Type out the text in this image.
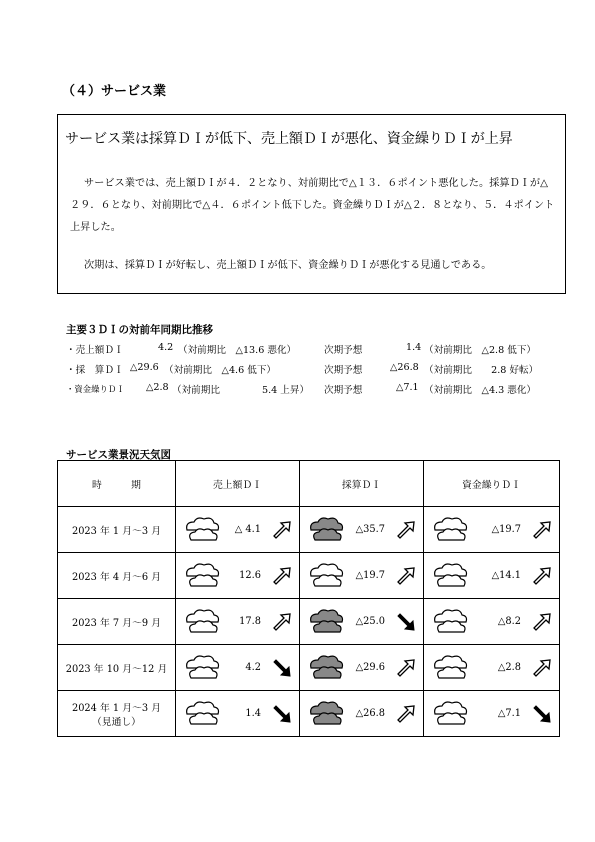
（４）サービス業
サービス業は採算ＤＩが低下、売上額ＤＩが悪化、資金繰りＤＩが上昇
サービス業では、売上額ＤＩが４．２となり、対前期比で△１３．６ポイント悪化した。採算ＤＩが△２９．６となり、対前期比で△４．６ポイント低下した。資金繰りＤＩが△２．８となり、５．４ポイント上昇した。
次期は、採算ＤＩが好転し、売上額ＤＩが低下、資金繰りＤＩが悪化する見通しである。
主要３ＤＩの対前年同期比推移
・売上額ＤＩ	4.2 （対前期比　△13.6 悪化）	次期予想	1.4 （対前期比　△2.8 低下）
・採　算ＤＩ △29.6 （対前期比　△4.6 低下）	次期予想	△26.8 （対前期比　　2.8 好転）
・資金繰りＤＩ △2.8 （対前期比	5.4 上昇） 次期予想	△7.1 （対前期比　△4.3 悪化）
サービス業景況天気図
時　　　期	売上額ＤＩ		採算ＤＩ		資金繰りＤＩ	

2023 年 1 月～3 月		△ 4.1		△35.7		△19.7

2023 年 4 月～6 月		12.6		△19.7		△14.1

2023 年 7 月～9 月		17.8		△25.0		△8.2

2023 年 10 月～12 月		4.2		△29.6		△2.8

2024 年 1 月～3 月
（見通し）		1.4		△26.8		△7.1
